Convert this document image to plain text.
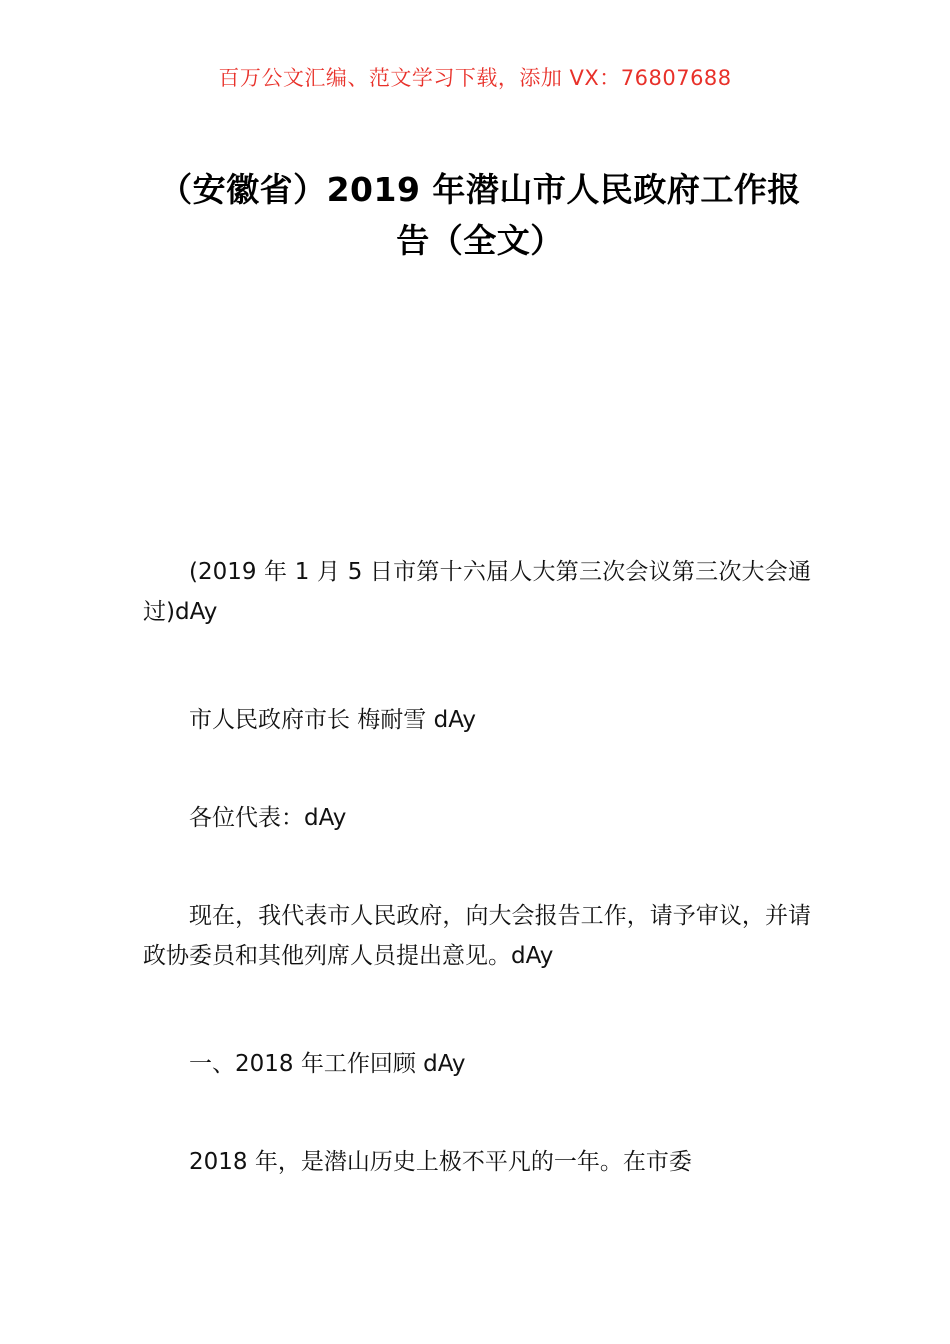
百万公文汇编、范文学习下载，添加 VX：76807688
（安徽省）2019 年潜山市人民政府工作报告（全文）
(2019 年 1 月 5 日市第十六届人大第三次会议第三次大会通过)dAy
市人民政府市长 梅耐雪 dAy
各位代表：dAy
现在，我代表市人民政府，向大会报告工作，请予审议，并请政协委员和其他列席人员提出意见。dAy
一、2018 年工作回顾 dAy
2018 年，是潜山历史上极不平凡的一年。在市委
